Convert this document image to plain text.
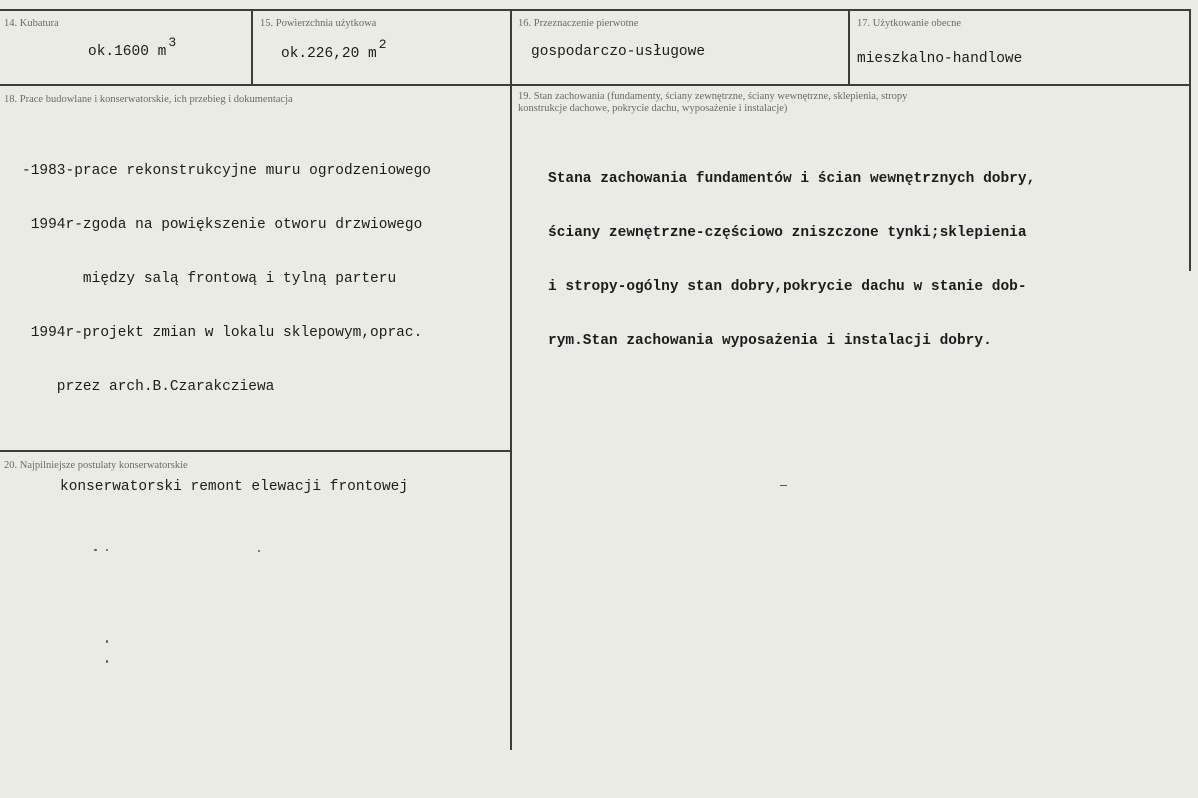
14. Kubatura
ok.1600 m3
15. Powierzchnia użytkowa
ok.226,20 m2
16. Przeznaczenie pierwotne
gospodarczo-usługowe
17. Użytkowanie obecne
mieszkalno-handlowe
18. Prace budowlane i konserwatorskie, ich przebieg i dokumentacja

-1983-prace rekonstrukcyjne muru ogrodzeniowego

1994r-zgoda na powiększenie otworu drzwiowego

między salą frontową i tylną parteru

1994r-projekt zmian w lokalu sklepowym,oprac.

przez arch.B.Czarakcziewa

19. Stan zachowania (fundamenty, ściany zewnętrzne, ściany wewnętrzne, sklepienia, stropy
konstrukcje dachowe, pokrycie dachu, wyposażenie i instalacje)

Stana zachowania fundamentów i ścian wewnętrznych dobry,

ściany zewnętrzne-częściowo zniszczone tynki;sklepienia

i stropy-ogólny stan dobry,pokrycie dachu w stanie dob-

rym.Stan zachowania wyposażenia i instalacji dobry.

20. Najpilniejsze postulaty konserwatorskie
konserwatorski remont elewacji frontowej
